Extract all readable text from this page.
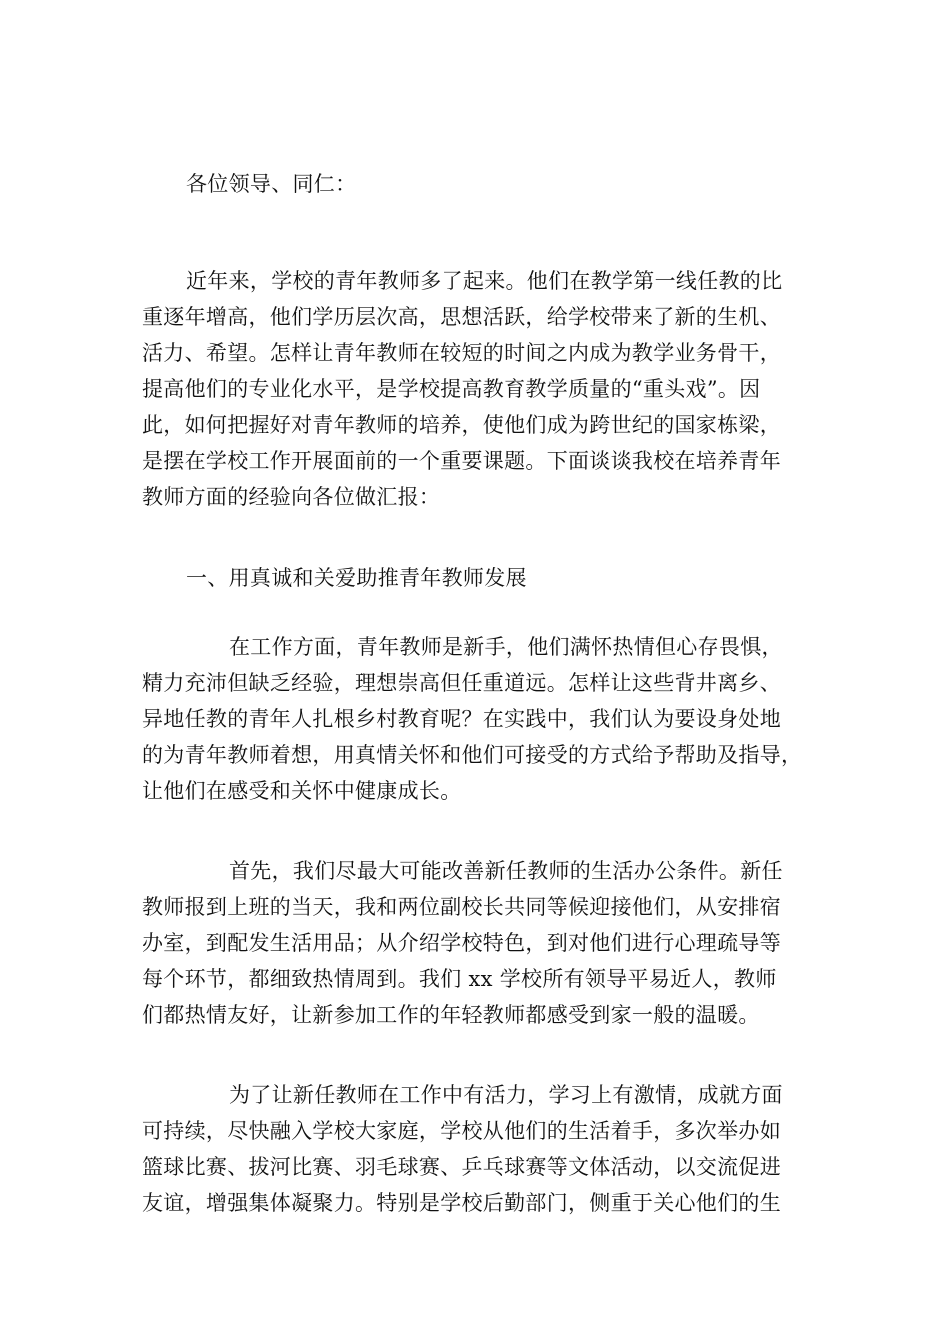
各位领导、同仁：
近年来，学校的青年教师多了起来。他们在教学第一线任教的比
重逐年增高，他们学历层次高，思想活跃，给学校带来了新的生机、
活力、希望。怎样让青年教师在较短的时间之内成为教学业务骨干，
提高他们的专业化水平，是学校提高教育教学质量的“重头戏”。因
此，如何把握好对青年教师的培养，使他们成为跨世纪的国家栋梁，
是摆在学校工作开展面前的一个重要课题。下面谈谈我校在培养青年
教师方面的经验向各位做汇报：
一、用真诚和关爱助推青年教师发展
在工作方面，青年教师是新手，他们满怀热情但心存畏惧，
精力充沛但缺乏经验，理想崇高但任重道远。怎样让这些背井离乡、
异地任教的青年人扎根乡村教育呢？在实践中，我们认为要设身处地
的为青年教师着想，用真情关怀和他们可接受的方式给予帮助及指导，
让他们在感受和关怀中健康成长。
首先，我们尽最大可能改善新任教师的生活办公条件。新任
教师报到上班的当天，我和两位副校长共同等候迎接他们，从安排宿
办室，到配发生活用品；从介绍学校特色，到对他们进行心理疏导等
每个环节，都细致热情周到。我们 xx 学校所有领导平易近人，教师
们都热情友好，让新参加工作的年轻教师都感受到家一般的温暖。
为了让新任教师在工作中有活力，学习上有激情，成就方面
可持续，尽快融入学校大家庭，学校从他们的生活着手，多次举办如
篮球比赛、拔河比赛、羽毛球赛、乒乓球赛等文体活动，以交流促进
友谊，增强集体凝聚力。特别是学校后勤部门，侧重于关心他们的生
